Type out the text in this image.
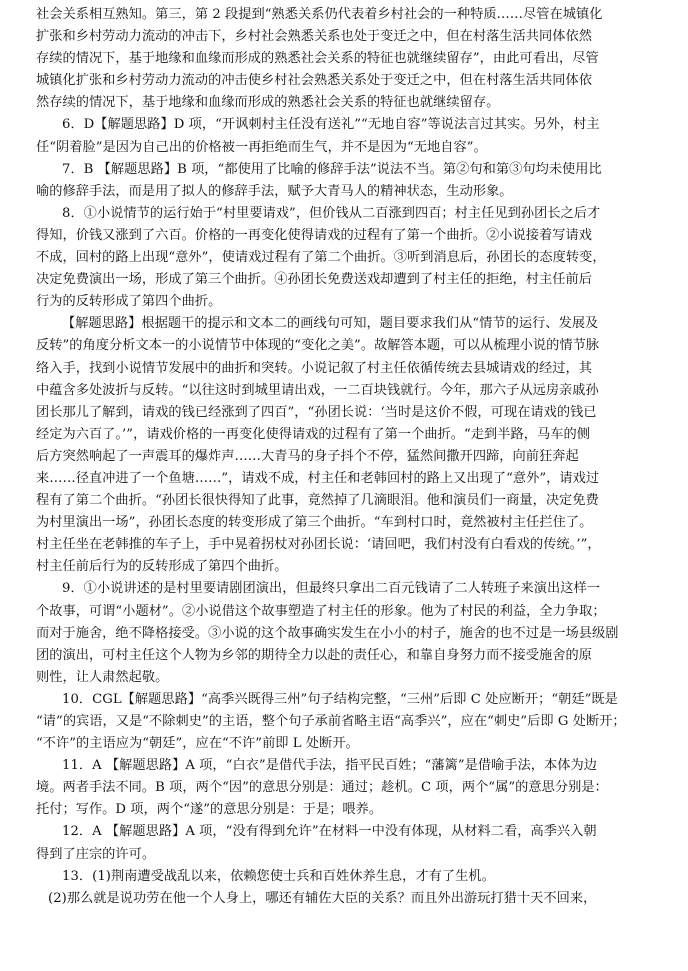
社会关系相互熟知。第三，第 2 段提到“熟悉关系仍代表着乡村社会的一种特质……尽管在城镇化
扩张和乡村劳动力流动的冲击下，乡村社会熟悉关系也处于变迁之中，但在村落生活共同体依然
存续的情况下，基于地缘和血缘而形成的熟悉社会关系的特征也就继续留存”，由此可看出，尽管
城镇化扩张和乡村劳动力流动的冲击使乡村社会熟悉关系处于变迁之中，但在村落生活共同体依
然存续的情况下，基于地缘和血缘而形成的熟悉社会关系的特征也就继续留存。
6．D【解题思路】D 项，“开讽刺村主任没有送礼”“无地自容”等说法言过其实。另外，村主
任“阴着脸”是因为自己出的价格被一再拒绝而生气，并不是因为“无地自容”。
7．B 【解题思路】B 项，“都使用了比喻的修辞手法”说法不当。第②句和第③句均未使用比
喻的修辞手法，而是用了拟人的修辞手法，赋予大青马人的精神状态，生动形象。
8．①小说情节的运行始于“村里要请戏”，但价钱从二百涨到四百；村主任见到孙团长之后才
得知，价钱又涨到了六百。价格的一再变化使得请戏的过程有了第一个曲折。②小说接着写请戏
不成，回村的路上出现“意外”，使请戏过程有了第二个曲折。③听到消息后，孙团长的态度转变，
决定免费演出一场，形成了第三个曲折。④孙团长免费送戏却遭到了村主任的拒绝，村主任前后
行为的反转形成了第四个曲折。
【解题思路】根据题干的提示和文本二的画线句可知，题目要求我们从“情节的运行、发展及
反转”的角度分析文本一的小说情节中体现的“变化之美”。故解答本题，可以从梳理小说的情节脉
络入手，找到小说情节发展中的曲折和突转。小说记叙了村主任依循传统去县城请戏的经过，其
中蕴含多处波折与反转。“以往这时到城里请出戏，一二百块钱就行。今年，那六子从远房亲戚孙
团长那儿了解到，请戏的钱已经涨到了四百”，“孙团长说：‘当时是这价不假，可现在请戏的钱已
经定为六百了。’”，请戏价格的一再变化使得请戏的过程有了第一个曲折。“走到半路，马车的侧
后方突然响起了一声震耳的爆炸声……大青马的身子抖个不停，猛然间撒开四蹄，向前狂奔起
来……径直冲进了一个鱼塘……”，请戏不成，村主任和老韩回村的路上又出现了“意外”，请戏过
程有了第二个曲折。“孙团长很快得知了此事，竟然掉了几滴眼泪。他和演员们一商量，决定免费
为村里演出一场”，孙团长态度的转变形成了第三个曲折。“车到村口时，竟然被村主任拦住了。
村主任坐在老韩推的车子上，手中晃着拐杖对孙团长说：‘请回吧，我们村没有白看戏的传统。’”，
村主任前后行为的反转形成了第四个曲折。
9．①小说讲述的是村里要请剧团演出，但最终只拿出二百元钱请了二人转班子来演出这样一
个故事，可谓“小题材”。②小说借这个故事塑造了村主任的形象。他为了村民的利益，全力争取；
而对于施舍，绝不降格接受。③小说的这个故事确实发生在小小的村子，施舍的也不过是一场县级剧
团的演出，可村主任这个人物为乡邻的期待全力以赴的责任心，和靠自身努力而不接受施舍的原
则性，让人肃然起敬。
10．CGL【解题思路】“高季兴既得三州”句子结构完整，“三州”后即 C 处应断开；“朝廷”既是
“请”的宾语，又是“不除刺史”的主语，整个句子承前省略主语“高季兴”，应在“刺史”后即 G 处断开；
“不许”的主语应为“朝廷”，应在“不许”前即 L 处断开。
11．A 【解题思路】A 项，“白衣”是借代手法，指平民百姓；“藩篱”是借喻手法，本体为边
境。两者手法不同。B 项，两个“因”的意思分别是：通过；趁机。C 项，两个“属”的意思分别是：
托付；写作。D 项，两个“遂”的意思分别是：于是；喂养。
12．A 【解题思路】A 项，“没有得到允许”在材料一中没有体现，从材料二看，高季兴入朝
得到了庄宗的许可。
13．(1)荆南遭受战乱以来，依赖您使士兵和百姓休养生息，才有了生机。
(2)那么就是说功劳在他一个人身上，哪还有辅佐大臣的关系？而且外出游玩打猎十天不回来，
